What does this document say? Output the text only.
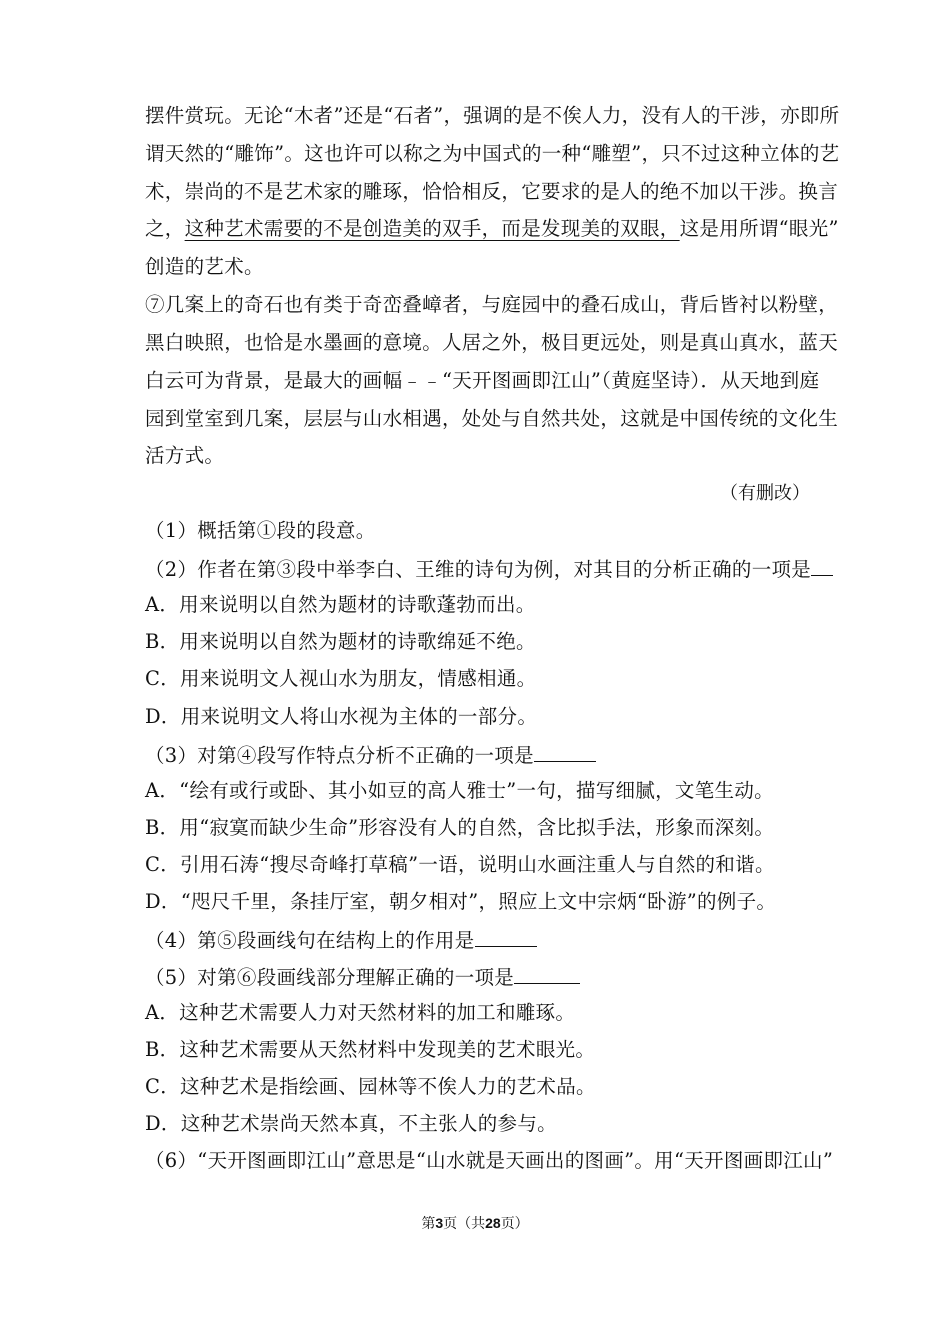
摆件赏玩。无论“木者”还是“石者”，强调的是不俟人力，没有人的干涉，亦即所
谓天然的“雕饰”。这也许可以称之为中国式的一种“雕塑”，只不过这种立体的艺
术，崇尚的不是艺术家的雕琢，恰恰相反，它要求的是人的绝不加以干涉。换言
之，这种艺术需要的不是创造美的双手，而是发现美的双眼，这是用所谓“眼光”
创造的艺术。
⑦几案上的奇石也有类于奇峦叠嶂者，与庭园中的叠石成山，背后皆衬以粉壁，
黑白映照，也恰是水墨画的意境。人居之外，极目更远处，则是真山真水，蓝天
白云可为背景，是最大的画幅﹣﹣“天开图画即江山”（黄庭坚诗）．从天地到庭
园到堂室到几案，层层与山水相遇，处处与自然共处，这就是中国传统的文化生
活方式。
（有删改）
（1）概括第①段的段意。
（2）作者在第③段中举李白、王维的诗句为例，对其目的分析正确的一项是
A．用来说明以自然为题材的诗歌蓬勃而出。
B．用来说明以自然为题材的诗歌绵延不绝。
C．用来说明文人视山水为朋友，情感相通。
D．用来说明文人将山水视为主体的一部分。
（3）对第④段写作特点分析不正确的一项是
A．“绘有或行或卧、其小如豆的高人雅士”一句，描写细腻，文笔生动。
B．用“寂寞而缺少生命”形容没有人的自然，含比拟手法，形象而深刻。
C．引用石涛“搜尽奇峰打草稿”一语，说明山水画注重人与自然的和谐。
D．“咫尺千里，条挂厅室，朝夕相对”，照应上文中宗炳“卧游”的例子。
（4）第⑤段画线句在结构上的作用是
（5）对第⑥段画线部分理解正确的一项是
A．这种艺术需要人力对天然材料的加工和雕琢。
B．这种艺术需要从天然材料中发现美的艺术眼光。
C．这种艺术是指绘画、园林等不俟人力的艺术品。
D．这种艺术崇尚天然本真，不主张人的参与。
（6）“天开图画即江山”意思是“山水就是天画出的图画”。用“天开图画即江山”
第3页（共28页）
